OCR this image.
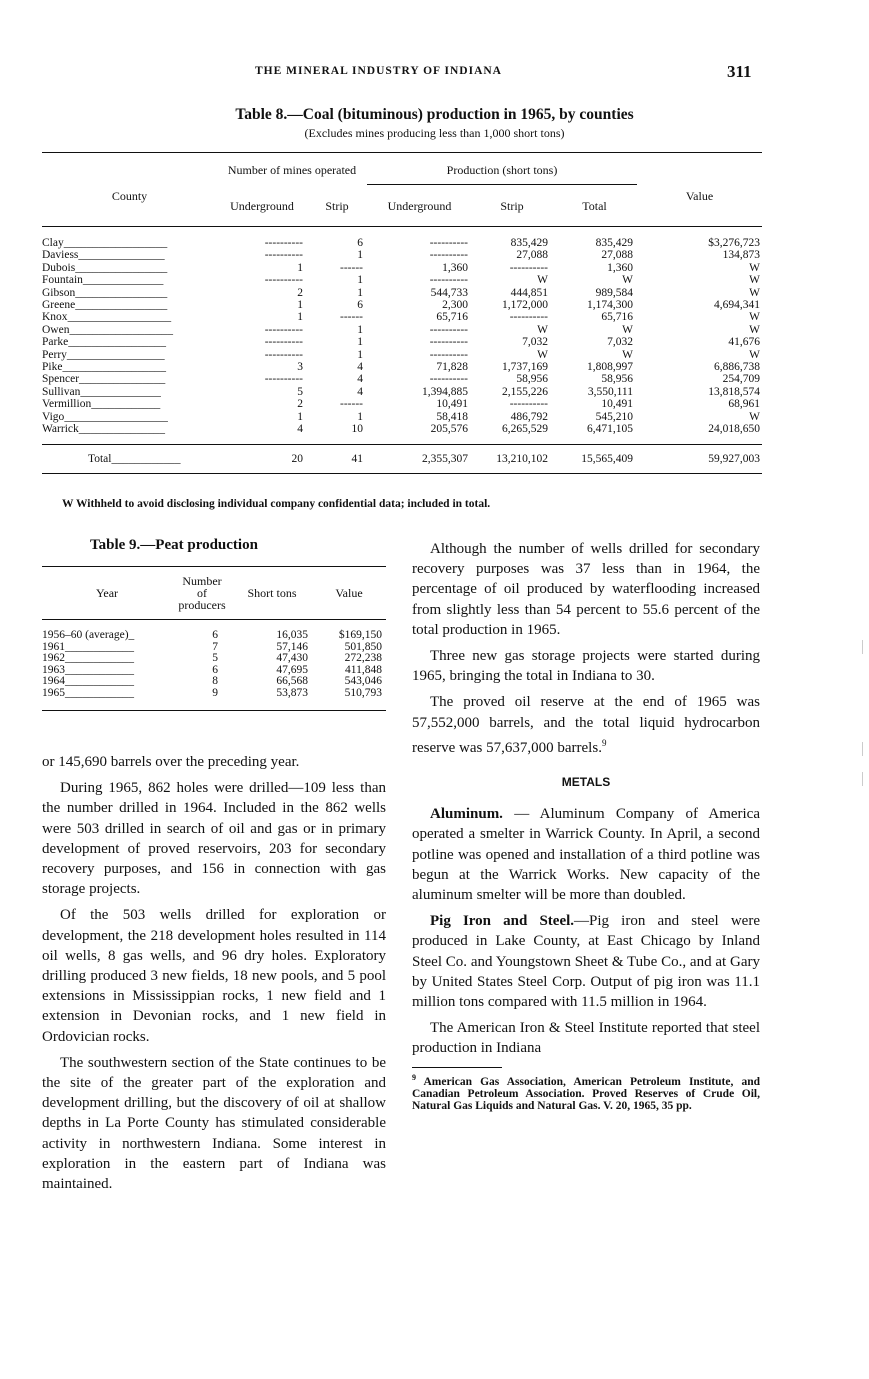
THE MINERAL INDUSTRY OF INDIANA	311
Table 8.—Coal (bituminous) production in 1965, by counties
(Excludes mines producing less than 1,000 short tons)
County	Number of mines operated		Production (short tons)			Value
	Underground	Strip	Underground	Strip	Total	

Clay__________________	----------	6	----------	835,429	835,429	$3,276,723
Daviess_______________	----------	1	----------	27,088	27,088	134,873
Dubois________________	1	------	1,360	----------	1,360	W
Fountain______________	----------	1	----------	W	W	W
Gibson________________	2	1	544,733	444,851	989,584	W
Greene________________	1	6	2,300	1,172,000	1,174,300	4,694,341
Knox__________________	1	------	65,716	----------	65,716	W
Owen__________________	----------	1	----------	W	W	W
Parke_________________	----------	1	----------	7,032	7,032	41,676
Perry_________________	----------	1	----------	W	W	W
Pike__________________	3	4	71,828	1,737,169	1,808,997	6,886,738
Spencer_______________	----------	4	----------	58,956	58,956	254,709
Sullivan______________	5	4	1,394,885	2,155,226	3,550,111	13,818,574
Vermillion____________	2	------	10,491	----------	10,491	68,961
Vigo__________________	1	1	58,418	486,792	545,210	W
Warrick_______________	4	10	205,576	6,265,529	6,471,105	24,018,650

Total____________	20	41	2,355,307	13,210,102	15,565,409	59,927,003
W Withheld to avoid disclosing individual company confidential data; included in total.
Table 9.—Peat production
Year	Number
of
producers	Short tons	Value

1956–60 (average)_	6	16,035	$169,150
1961____________	7	57,146	501,850
1962____________	5	47,430	272,238
1963____________	6	47,695	411,848
1964____________	8	66,568	543,046
1965____________	9	53,873	510,793

or 145,690 barrels over the preceding year.

During 1965, 862 holes were drilled—109 less than the number drilled in 1964. Included in the 862 wells were 503 drilled in search of oil and gas or in primary development of proved reservoirs, 203 for secondary recovery purposes, and 156 in connection with gas storage projects.

Of the 503 wells drilled for exploration or development, the 218 development holes resulted in 114 oil wells, 8 gas wells, and 96 dry holes. Exploratory drilling produced 3 new fields, 18 new pools, and 5 pool extensions in Mississippian rocks, 1 new field and 1 extension in Devonian rocks, and 1 new field in Ordovician rocks.

The southwestern section of the State continues to be the site of the greater part of the exploration and development drilling, but the discovery of oil at shallow depths in La Porte County has stimulated considerable activity in northwestern Indiana. Some interest in exploration in the eastern part of Indiana was maintained.

Although the number of wells drilled for secondary recovery purposes was 37 less than in 1964, the percentage of oil produced by waterflooding increased from slightly less than 54 percent to 55.6 percent of the total production in 1965.

Three new gas storage projects were started during 1965, bringing the total in Indiana to 30.

The proved oil reserve at the end of 1965 was 57,552,000 barrels, and the total liquid hydrocarbon reserve was 57,637,000 barrels.$^9$

METALS

Aluminum. — Aluminum Company of America operated a smelter in Warrick County. In April, a second potline was opened and installation of a third potline was begun at the Warrick Works. New capacity of the aluminum smelter will be more than doubled.

Pig Iron and Steel.—Pig iron and steel were produced in Lake County, at East Chicago by Inland Steel Co. and Youngstown Sheet & Tube Co., and at Gary by United States Steel Corp. Output of pig iron was 11.1 million tons compared with 11.5 million in 1964.

The American Iron & Steel Institute reported that steel production in Indiana

$^9$ American Gas Association, American Petroleum Institute, and Canadian Petroleum Association. Proved Reserves of Crude Oil, Natural Gas Liquids and Natural Gas. V. 20, 1965, 35 pp.
